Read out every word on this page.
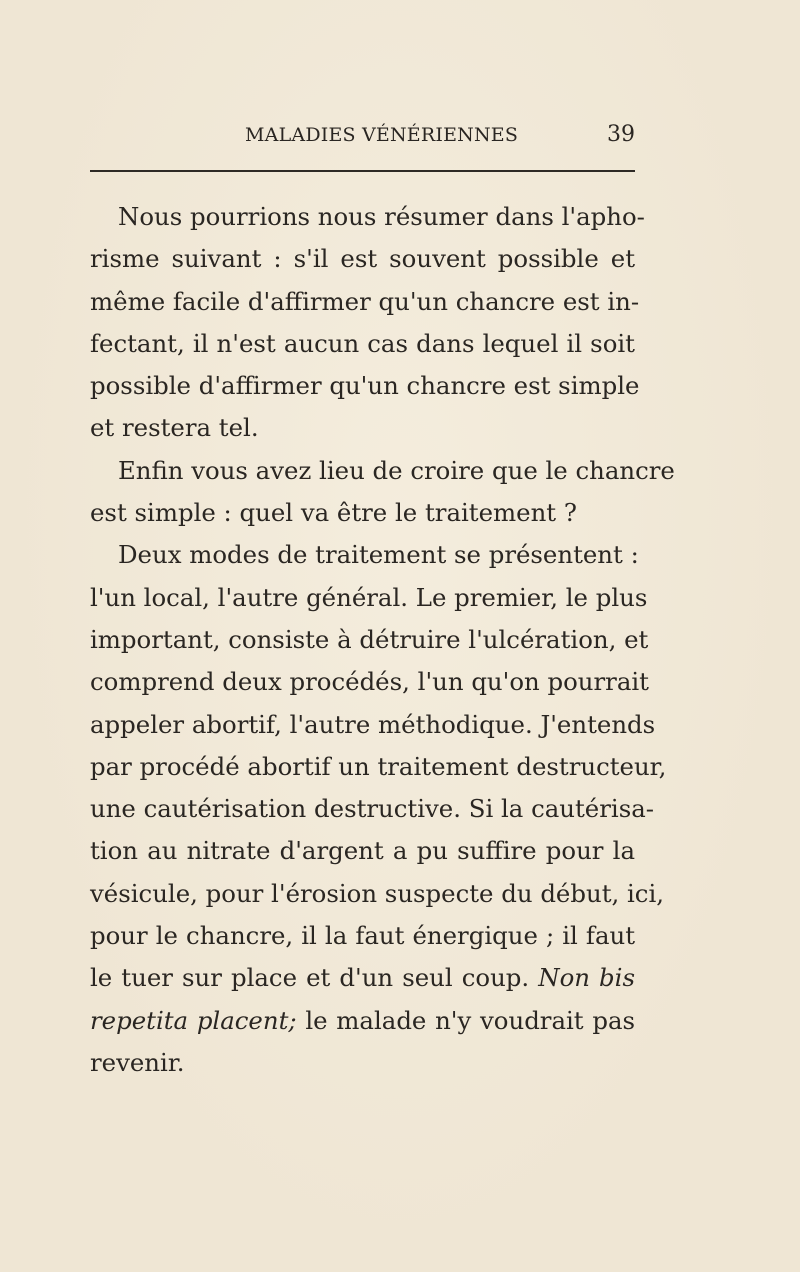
MALADIES VÉNÉRIENNES	39
Nous pourrions nous résumer dans l'apho-
risme suivant : s'il est souvent possible et
même facile d'affirmer qu'un chancre est in-
fectant, il n'est aucun cas dans lequel il soit
possible d'affirmer qu'un chancre est simple
et restera tel.
Enfin vous avez lieu de croire que le chancre
est simple : quel va être le traitement ?
Deux modes de traitement se présentent :
l'un local, l'autre général. Le premier, le plus
important, consiste à détruire l'ulcération, et
comprend deux procédés, l'un qu'on pourrait
appeler abortif, l'autre méthodique. J'entends
par procédé abortif un traitement destructeur,
une cautérisation destructive. Si la cautérisa-
tion au nitrate d'argent a pu suffire pour la
vésicule, pour l'érosion suspecte du début, ici,
pour le chancre, il la faut énergique ; il faut
le tuer sur place et d'un seul coup. Non bis
repetita placent; le malade n'y voudrait pas
revenir.
